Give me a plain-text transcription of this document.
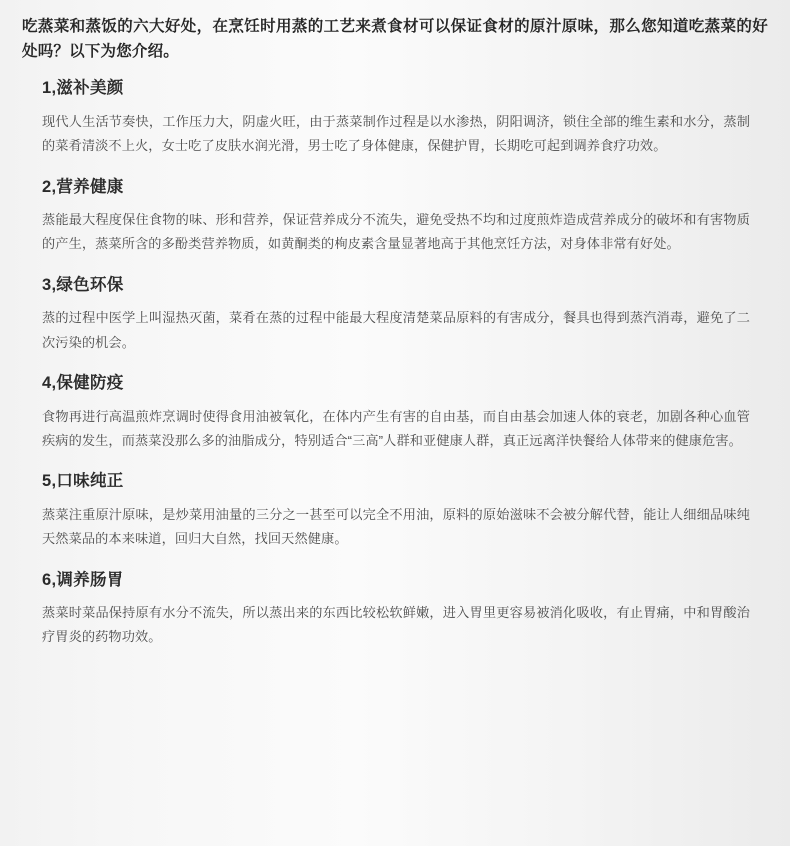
吃蒸菜和蒸饭的六大好处，在烹饪时用蒸的工艺来煮食材可以保证食材的原汁原味，那么您知道吃蒸菜的好处吗？以下为您介绍。

1,滋补美颜

现代人生活节奏快，工作压力大，阴虚火旺，由于蒸菜制作过程是以水渗热，阴阳调济，锁住全部的维生素和水分，蒸制的菜肴清淡不上火，女士吃了皮肤水润光滑，男士吃了身体健康，保健护胃，长期吃可起到调养食疗功效。

2,营养健康

蒸能最大程度保住食物的味、形和营养，保证营养成分不流失，避免受热不均和过度煎炸造成营养成分的破坏和有害物质的产生，蒸菜所含的多酚类营养物质，如黄酮类的栒皮素含量显著地高于其他烹饪方法，对身体非常有好处。

3,绿色环保

蒸的过程中医学上叫湿热灭菌，菜肴在蒸的过程中能最大程度清楚菜品原料的有害成分，餐具也得到蒸汽消毒，避免了二次污染的机会。

4,保健防疫

食物再进行高温煎炸烹调时使得食用油被氧化，在体内产生有害的自由基，而自由基会加速人体的衰老，加剧各种心血管疾病的发生，而蒸菜没那么多的油脂成分，特别适合“三高”人群和亚健康人群，真正远离洋快餐给人体带来的健康危害。

5,口味纯正

蒸菜注重原汁原味，是炒菜用油量的三分之一甚至可以完全不用油，原料的原始滋味不会被分解代替，能让人细细品味纯天然菜品的本来味道，回归大自然，找回天然健康。

6,调养肠胃

蒸菜时菜品保持原有水分不流失，所以蒸出来的东西比较松软鲜嫩，进入胃里更容易被消化吸收，有止胃痛，中和胃酸治疗胃炎的药物功效。
